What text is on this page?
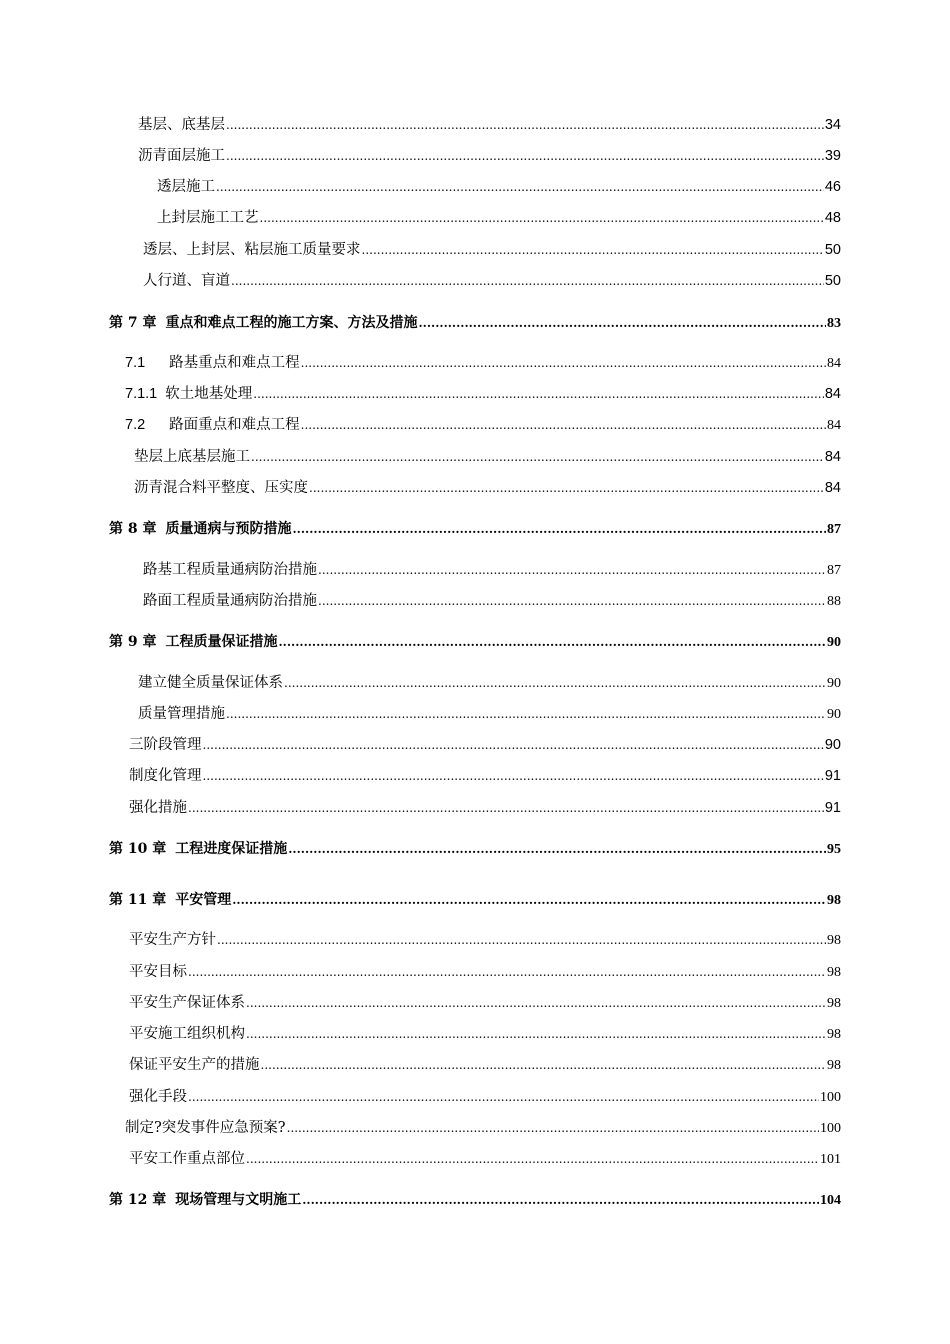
基层、底基层 .....	34
沥青面层施工 .....	39
透层施工 .....	46
上封层施工工艺 .....	48
透层、上封层、粘层施工质量要求 .....	50
人行道、盲道 .....	50
第 7 章 重点和难点工程的施工方案、方法及措施 .....	83
7.1 路基重点和难点工程 .....	84
7.1.1 软土地基处理 .....	84
7.2 路面重点和难点工程 .....	84
垫层上底基层施工 .....	84
沥青混合料平整度、压实度 .....	84
第 8 章 质量通病与预防措施 .....	87
路基工程质量通病防治措施 .....	87
路面工程质量通病防治措施 .....	88
第 9 章 工程质量保证措施 .....	90
建立健全质量保证体系 .....	90
质量管理措施 .....	90
三阶段管理 .....	90
制度化管理 .....	91
强化措施 .....	91
第 10 章 工程进度保证措施 .....	95
第 11 章 平安管理 .....	98
平安生产方针 .....	98
平安目标 .....	98
平安生产保证体系 .....	98
平安施工组织机构 .....	98
保证平安生产的措施 .....	98
强化手段 .....	100
制定?突发事件应急预案? .....	100
平安工作重点部位 .....	101
第 12 章 现场管理与文明施工 .....	104
